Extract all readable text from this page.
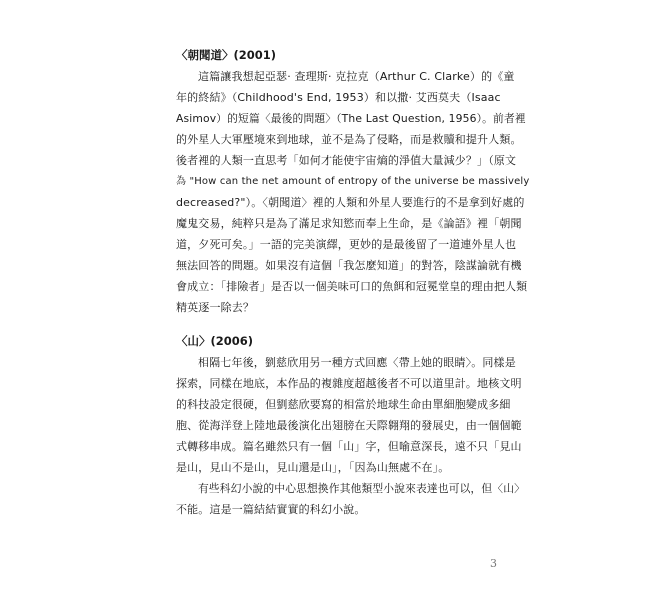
〈朝聞道〉(2001)
這篇讓我想起亞瑟‧ 查理斯‧ 克拉克（Arthur C. Clarke）的《童
年的終結》（Childhood's End, 1953）和以撒‧ 艾西莫夫（Isaac
Asimov）的短篇〈最後的問題〉（The Last Question, 1956）。前者裡
的外星人大軍壓境來到地球，並不是為了侵略，而是救贖和提升人類。
後者裡的人類一直思考「如何才能使宇宙熵的淨值大量減少？」（原文
為 "How can the net amount of entropy of the universe be massively
decreased?"）。〈朝聞道〉裡的人類和外星人要進行的不是拿到好處的
魔鬼交易，純粹只是為了滿足求知慾而奉上生命，是《論語》裡「朝聞
道，夕死可矣。」一語的完美演繹，更妙的是最後留了一道連外星人也
無法回答的問題。如果沒有這個「我怎麼知道」的對答，陰謀論就有機
會成立：「排險者」是否以一個美味可口的魚餌和冠冕堂皇的理由把人類
精英逐一除去？
〈山〉(2006)
相隔七年後，劉慈欣用另一種方式回應〈帶上她的眼睛〉。同樣是
探索，同樣在地底，本作品的複雜度超越後者不可以道里計。地核文明
的科技設定很硬，但劉慈欣要寫的相當於地球生命由單細胞變成多細
胞、從海洋登上陸地最後演化出翅膀在天際翱翔的發展史，由一個個範
式轉移串成。篇名雖然只有一個「山」字，但喻意深長，遠不只「見山
是山，見山不是山，見山還是山」，「因為山無處不在」。
有些科幻小說的中心思想換作其他類型小說來表達也可以，但〈山〉
不能。這是一篇結結實實的科幻小說。
3
